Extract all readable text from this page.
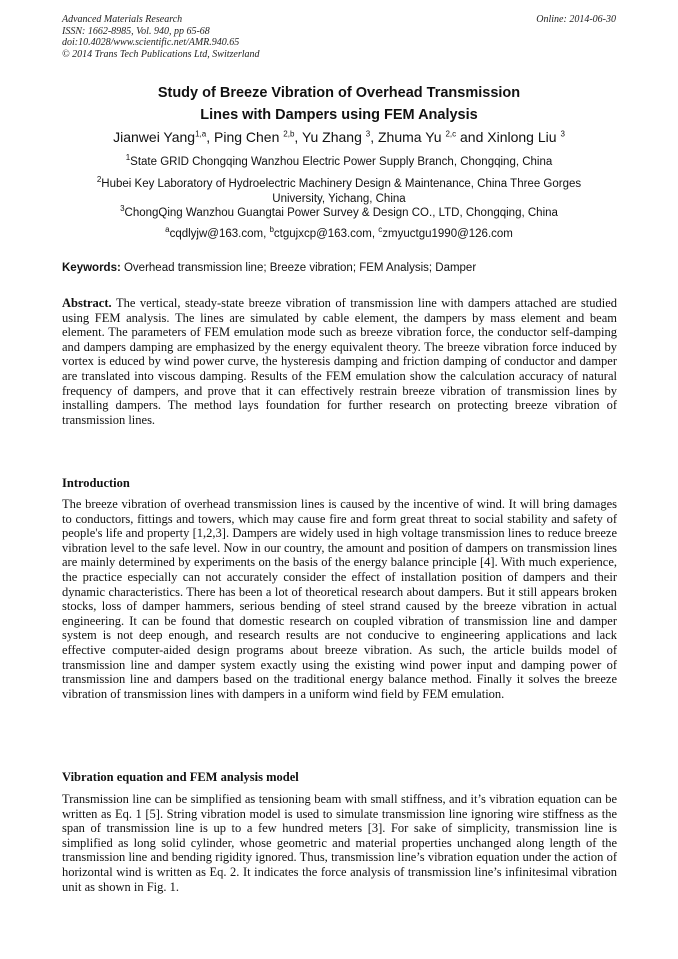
Advanced Materials Research
ISSN: 1662-8985, Vol. 940, pp 65-68
doi:10.4028/www.scientific.net/AMR.940.65
© 2014 Trans Tech Publications Ltd, Switzerland
Online: 2014-06-30
Study of Breeze Vibration of Overhead Transmission
Lines with Dampers using FEM Analysis
Jianwei Yang$^{1,a}$, Ping Chen $^{2,b}$, Yu Zhang $^3$, Zhuma Yu $^{2,c}$ and Xinlong Liu $^3$
$^1$State GRID Chongqing Wanzhou Electric Power Supply Branch, Chongqing, China
$^2$Hubei Key Laboratory of Hydroelectric Machinery Design & Maintenance, China Three Gorges
University, Yichang, China
$^3$ChongQing Wanzhou Guangtai Power Survey & Design CO., LTD, Chongqing, China
$^a$cqdlyjw@163.com, $^b$ctgujxcp@163.com, $^c$zmyuctgu1990@126.com
Keywords: Overhead transmission line; Breeze vibration; FEM Analysis; Damper
Abstract. The vertical, steady-state breeze vibration of transmission line with dampers attached are studied using FEM analysis. The lines are simulated by cable element, the dampers by mass element and beam element. The parameters of FEM emulation mode such as breeze vibration force, the conductor self-damping and dampers damping are emphasized by the energy equivalent theory. The breeze vibration force induced by vortex is educed by wind power curve, the hysteresis damping and friction damping of conductor and damper are translated into viscous damping. Results of the FEM emulation show the calculation accuracy of natural frequency of dampers, and prove that it can effectively restrain breeze vibration of transmission lines by installing dampers. The method lays foundation for further research on protecting breeze vibration of transmission lines.
Introduction
The breeze vibration of overhead transmission lines is caused by the incentive of wind. It will bring damages to conductors, fittings and towers, which may cause fire and form great threat to social stability and safety of people's life and property [1,2,3]. Dampers are widely used in high voltage transmission lines to reduce breeze vibration level to the safe level. Now in our country, the amount and position of dampers on transmission lines are mainly determined by experiments on the basis of the energy balance principle [4]. With much experience, the practice especially can not accurately consider the effect of installation position of dampers and their dynamic characteristics. There has been a lot of theoretical research about dampers. But it still appears broken stocks, loss of damper hammers, serious bending of steel strand caused by the breeze vibration in actual engineering. It can be found that domestic research on coupled vibration of transmission line and damper system is not deep enough, and research results are not conducive to engineering applications and lack effective computer-aided design programs about breeze vibration. As such, the article builds model of transmission line and damper system exactly using the existing wind power input and damping power of transmission line and dampers based on the traditional energy balance method. Finally it solves the breeze vibration of transmission lines with dampers in a uniform wind field by FEM emulation.
Vibration equation and FEM analysis model
Transmission line can be simplified as tensioning beam with small stiffness, and it’s vibration equation can be written as Eq. 1 [5]. String vibration model is used to simulate transmission line ignoring wire stiffness as the span of transmission line is up to a few hundred meters [3]. For sake of simplicity, transmission line is simplified as long solid cylinder, whose geometric and material properties unchanged along length of the transmission line and bending rigidity ignored. Thus, transmission line’s vibration equation under the action of horizontal wind is written as Eq. 2. It indicates the force analysis of transmission line’s infinitesimal vibration unit as shown in Fig. 1.
